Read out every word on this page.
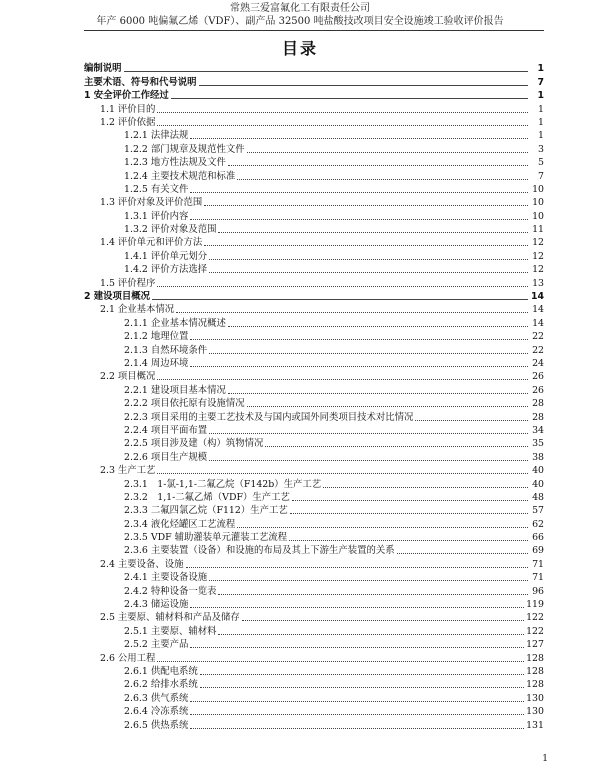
常熟三爱富氟化工有限责任公司
年产 6000 吨偏氟乙烯（VDF）、副产品 32500 吨盐酸技改项目安全设施竣工验收评价报告
目录
编制说明	1
主要术语、符号和代号说明	7
1 安全评价工作经过	1
1.1 评价目的	1
1.2 评价依据	1
1.2.1 法律法规	1
1.2.2 部门规章及规范性文件	3
1.2.3 地方性法规及文件	5
1.2.4 主要技术规范和标准	7
1.2.5 有关文件	10
1.3 评价对象及评价范围	10
1.3.1 评价内容	10
1.3.2 评价对象及范围	11
1.4 评价单元和评价方法	12
1.4.1 评价单元划分	12
1.4.2 评价方法选择	12
1.5 评价程序	13
2 建设项目概况	14
2.1 企业基本情况	14
2.1.1 企业基本情况概述	14
2.1.2 地理位置	22
2.1.3 自然环境条件	22
2.1.4 周边环境	24
2.2 项目概况	26
2.2.1 建设项目基本情况	26
2.2.2 项目依托原有设施情况	28
2.2.3 项目采用的主要工艺技术及与国内或国外同类项目技术对比情况	28
2.2.4 项目平面布置	34
2.2.5 项目涉及建（构）筑物情况	35
2.2.6 项目生产规模	38
2.3 生产工艺	40
2.3.1　1-氯-1,1-二氟乙烷（F142b）生产工艺	40
2.3.2　1,1-二氟乙烯（VDF）生产工艺	48
2.3.3 二氟四氯乙烷（F112）生产工艺	57
2.3.4 液化烃罐区工艺流程	62
2.3.5 VDF 辅助灌装单元灌装工艺流程	66
2.3.6 主要装置（设备）和设施的布局及其上下游生产装置的关系	69
2.4 主要设备、设施	71
2.4.1 主要设备设施	71
2.4.2 特种设备一览表	96
2.4.3 储运设施	119
2.5 主要原、辅材料和产品及储存	122
2.5.1 主要原、辅材料	122
2.5.2 主要产品	127
2.6 公用工程	128
2.6.1 供配电系统	128
2.6.2 给排水系统	128
2.6.3 供气系统	130
2.6.4 冷冻系统	130
2.6.5 供热系统	131
1
